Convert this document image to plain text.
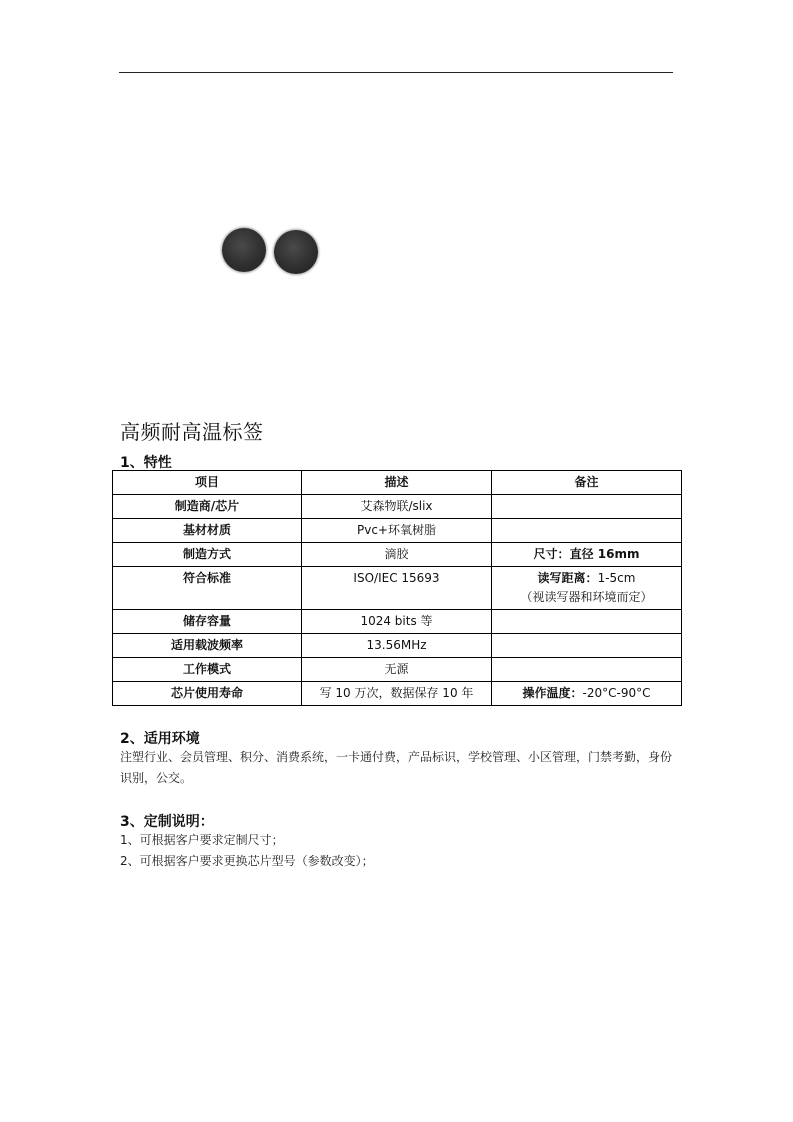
高频耐高温标签
1、特性
项目	描述	备注
制造商/芯片	艾森物联/slix	
基材材质	Pvc+环氧树脂	
制造方式	滴胶	尺寸：直径 16mm
符合标准	ISO/IEC 15693	读写距离：1-5cm
（视读写器和环境而定）
储存容量	1024 bits 等	
适用载波频率	13.56MHz	
工作模式	无源	
芯片使用寿命	写 10 万次，数据保存 10 年	操作温度：-20°C-90°C
2、适用环境

注塑行业、会员管理、积分、消费系统，一卡通付费，产品标识，学校管理、小区管理，门禁考勤，身份识别，公交。

3、定制说明：

1、可根据客户要求定制尺寸；

2、可根据客户要求更换芯片型号（参数改变）；
